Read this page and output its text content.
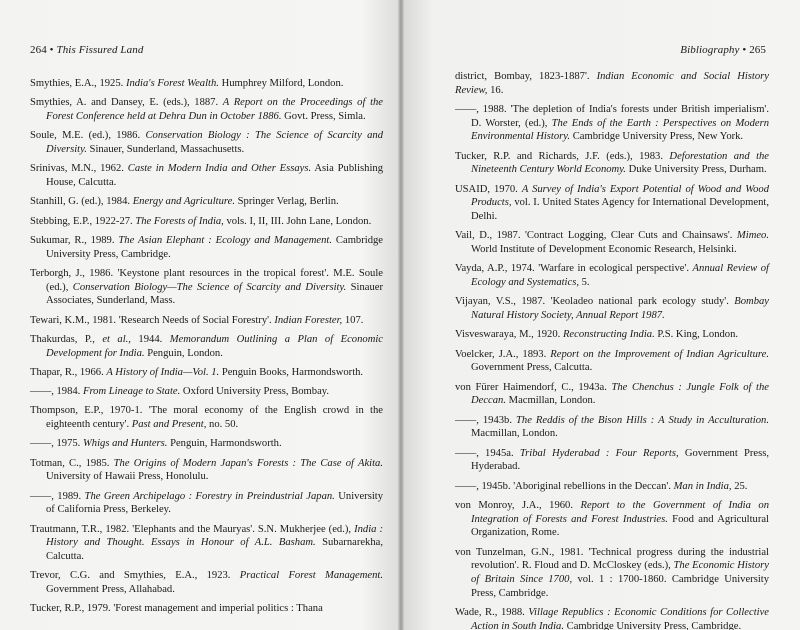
264 • This Fissured Land

Smythies, E.A., 1925. India's Forest Wealth. Humphrey Milford, London.

Smythies, A. and Dansey, E. (eds.), 1887. A Report on the Proceedings of the Forest Conference held at Dehra Dun in October 1886. Govt. Press, Simla.

Soule, M.E. (ed.), 1986. Conservation Biology : The Science of Scarcity and Diversity. Sinauer, Sunderland, Massachusetts.

Srinivas, M.N., 1962. Caste in Modern India and Other Essays. Asia Publishing House, Calcutta.

Stanhill, G. (ed.), 1984. Energy and Agriculture. Springer Verlag, Berlin.

Stebbing, E.P., 1922-27. The Forests of India, vols. I, II, III. John Lane, London.

Sukumar, R., 1989. The Asian Elephant : Ecology and Management. Cambridge University Press, Cambridge.

Terborgh, J., 1986. 'Keystone plant resources in the tropical forest'. M.E. Soule (ed.), Conservation Biology—The Science of Scarcity and Diversity. Sinauer Associates, Sunderland, Mass.

Tewari, K.M., 1981. 'Research Needs of Social Forestry'. Indian Forester, 107.

Thakurdas, P., et al., 1944. Memorandum Outlining a Plan of Economic Development for India. Penguin, London.

Thapar, R., 1966. A History of India—Vol. 1. Penguin Books, Harmondsworth.

——, 1984. From Lineage to State. Oxford University Press, Bombay.

Thompson, E.P., 1970-1. 'The moral economy of the English crowd in the eighteenth century'. Past and Present, no. 50.

——, 1975. Whigs and Hunters. Penguin, Harmondsworth.

Totman, C., 1985. The Origins of Modern Japan's Forests : The Case of Akita. University of Hawaii Press, Honolulu.

——, 1989. The Green Archipelago : Forestry in Preindustrial Japan. University of California Press, Berkeley.

Trautmann, T.R., 1982. 'Elephants and the Mauryas'. S.N. Mukherjee (ed.), India : History and Thought. Essays in Honour of A.L. Basham. Subarnarekha, Calcutta.

Trevor, C.G. and Smythies, E.A., 1923. Practical Forest Management. Government Press, Allahabad.

Tucker, R.P., 1979. 'Forest management and imperial politics : Thana

Bibliography • 265

district, Bombay, 1823-1887'. Indian Economic and Social History Review, 16.

——, 1988. 'The depletion of India's forests under British imperialism'. D. Worster, (ed.), The Ends of the Earth : Perspectives on Modern Environmental History. Cambridge University Press, New York.

Tucker, R.P. and Richards, J.F. (eds.), 1983. Deforestation and the Nineteenth Century World Economy. Duke University Press, Durham.

USAID, 1970. A Survey of India's Export Potential of Wood and Wood Products, vol. I. United States Agency for International Development, Delhi.

Vail, D., 1987. 'Contract Logging, Clear Cuts and Chainsaws'. Mimeo. World Institute of Development Economic Research, Helsinki.

Vayda, A.P., 1974. 'Warfare in ecological perspective'. Annual Review of Ecology and Systematics, 5.

Vijayan, V.S., 1987. 'Keoladeo national park ecology study'. Bombay Natural History Society, Annual Report 1987.

Visveswaraya, M., 1920. Reconstructing India. P.S. King, London.

Voelcker, J.A., 1893. Report on the Improvement of Indian Agriculture. Government Press, Calcutta.

von Fürer Haimendorf, C., 1943a. The Chenchus : Jungle Folk of the Deccan. Macmillan, London.

——, 1943b. The Reddis of the Bison Hills : A Study in Acculturation. Macmillan, London.

——, 1945a. Tribal Hyderabad : Four Reports, Government Press, Hyderabad.

——, 1945b. 'Aboriginal rebellions in the Deccan'. Man in India, 25.

von Monroy, J.A., 1960. Report to the Government of India on Integration of Forests and Forest Industries. Food and Agricultural Organization, Rome.

von Tunzelman, G.N., 1981. 'Technical progress during the industrial revolution'. R. Floud and D. McCloskey (eds.), The Economic History of Britain Since 1700, vol. 1 : 1700-1860. Cambridge University Press, Cambridge.

Wade, R., 1988. Village Republics : Economic Conditions for Collective Action in South India. Cambridge University Press, Cambridge.
